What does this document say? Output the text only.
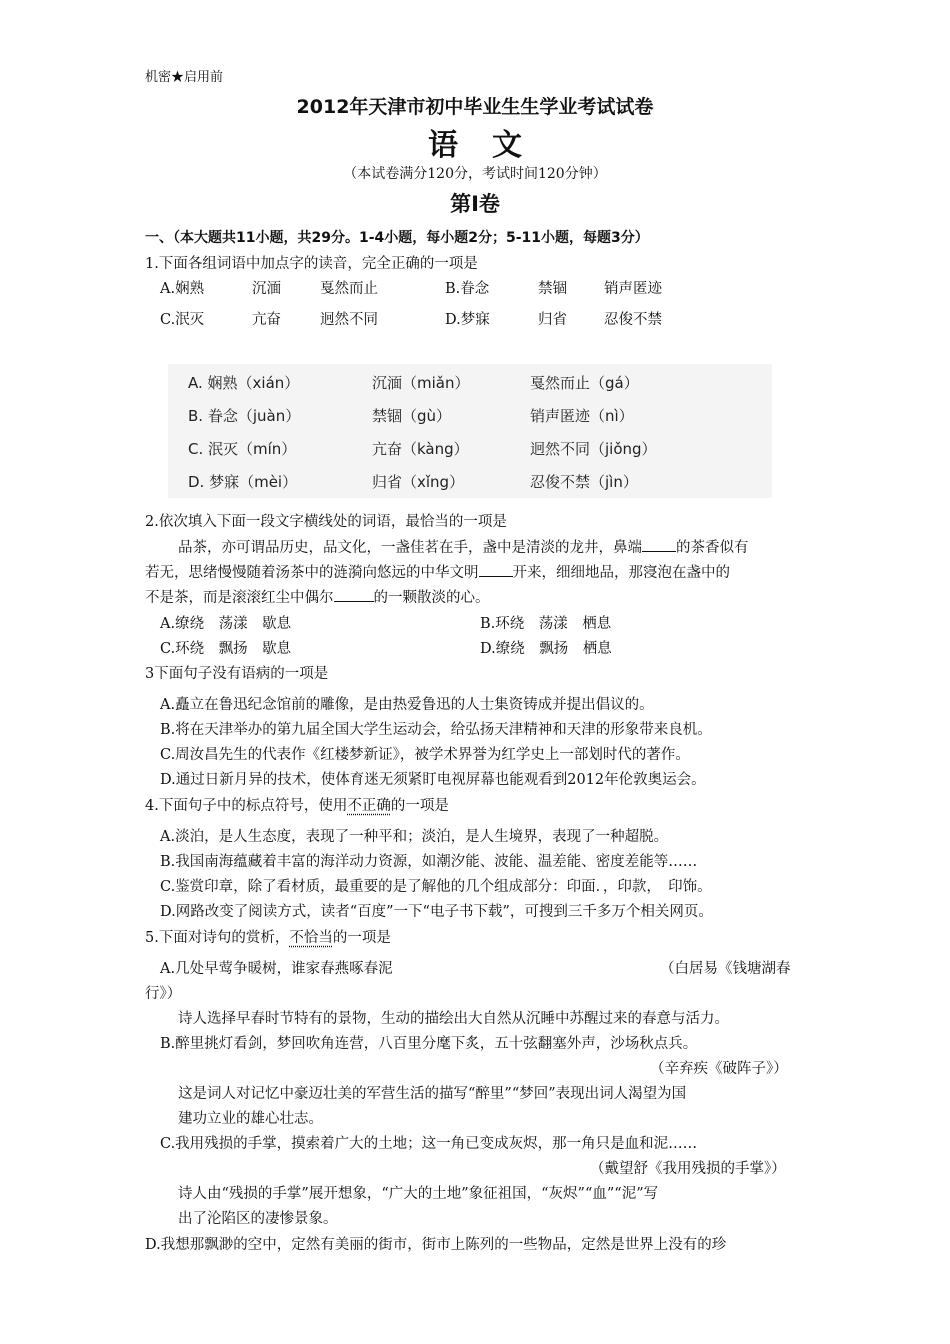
机密★启用前
2012年天津市初中毕业生生学业考试试卷
语文
（本试卷满分120分，考试时间120分钟）
第Ⅰ卷
一、（本大题共11小题，共29分。1-4小题，每小题2分；5-11小题，每题3分）
1.下面各组词语中加点字的读音，完全正确的一项是
A.娴熟	沉湎	戛然而止	B.眷念	禁锢	销声匿迹
C.泯灭	亢奋	迥然不同	D.梦寐	归省	忍俊不禁
A. 娴熟（xián）	沉湎（miǎn）	戛然而止（gá）
B. 眷念（juàn）	禁锢（gù）	销声匿迹（nì）
C. 泯灭（mín）	亢奋（kàng）	迥然不同（jiǒng）
D. 梦寐（mèi）	归省（xǐng）	忍俊不禁（jìn）
2.依次填入下面一段文字横线处的词语，最恰当的一项是
品茶，亦可谓品历史，品文化，一盏佳茗在手，盏中是清淡的龙井，鼻端 的茶香似有
若无，思绪慢慢随着汤茶中的涟漪向悠远的中华文明 开来，细细地品，那寖泡在盏中的
不是茶，而是滚滚红尘中偶尔	的一颗散淡的心。
A.缭绕　荡漾　歇息	B.环绕　荡漾　栖息
C.环绕　飘扬　歇息	D.缭绕　飘扬　栖息
3下面句子没有语病的一项是
A.矗立在鲁迅纪念馆前的雕像，是由热爱鲁迅的人士集资铸成并提出倡议的。
B.将在天津举办的第九届全国大学生运动会，给弘扬天津精神和天津的形象带来良机。
C.周汝昌先生的代表作《红楼梦新证》，被学术界誉为红学史上一部划时代的著作。
D.通过日新月异的技术，使体育迷无须紧盯电视屏幕也能观看到2012年伦敦奥运会。
4.下面句子中的标点符号，使用不正确的一项是
A.淡泊，是人生态度，表现了一种平和；淡泊，是人生境界，表现了一种超脱。
B.我国南海蕴藏着丰富的海洋动力资源，如潮汐能、波能、温差能、密度差能等……
C.鉴赏印章，除了看材质，最重要的是了解他的几个组成部分：印面．，印款，　印饰。
D.网路改变了阅读方式，读者“百度”一下“电子书下载”，可搜到三千多万个相关网页。
5.下面对诗句的赏析，不恰当的一项是
A.几处早莺争暖树，谁家春燕啄春泥	（白居易《钱塘湖春
行》）
诗人选择早春时节特有的景物，生动的描绘出大自然从沉睡中苏醒过来的春意与活力。
B.醉里挑灯看剑，梦回吹角连营，八百里分麾下炙，五十弦翻塞外声，沙场秋点兵。
（辛弃疾《破阵子》）
这是词人对记忆中豪迈壮美的军营生活的描写“醉里”“梦回”表现出词人渴望为国
建功立业的雄心壮志。
C.我用残损的手掌，摸索着广大的土地；这一角已变成灰烬，那一角只是血和泥……
（戴望舒《我用残损的手掌》）
诗人由“残损的手掌”展开想象，“广大的土地”象征祖国，“灰烬”“血”“泥”写
出了沦陷区的凄惨景象。
D.我想那飘渺的空中，定然有美丽的街市，街市上陈列的一些物品，定然是世界上没有的珍
